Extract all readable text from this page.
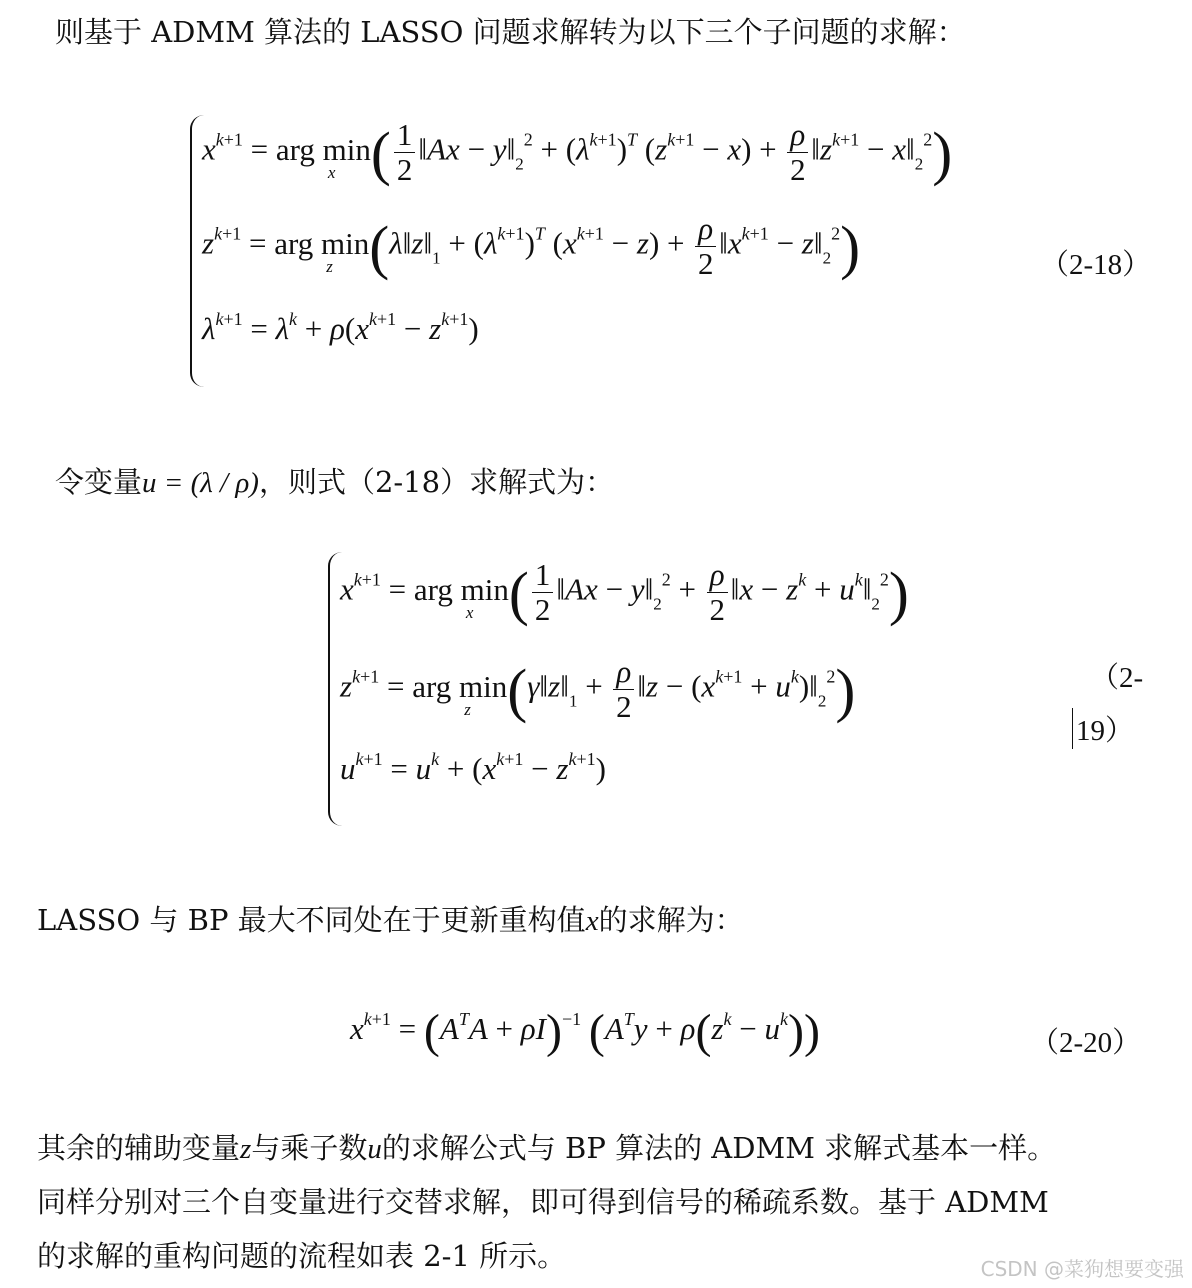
则基于 ADMM 算法的 LASSO 问题求解转为以下三个子问题的求解：
$x^{k+1}$ = arg min
x ( $\frac{1}{2}$ ‖Ax − $y‖_2^2 + (\lambda^{k+1})^T$ $(z^{k+1} - x) + \frac{\rho}{2}$ $‖z^{k+1}$ − $x‖_2^2$)
$z^{k+1}$ = arg min
z ($\lambda‖z‖_1 + (\lambda^{k+1})^T$ $(x^{k+1} - z) + \frac{\rho}{2}$ $‖x^{k+1}$ − $z‖_2^2$)
$\lambda^{k+1} = \lambda^k + \rho(x^{k+1} - z^{k+1})$
（2-18）
令变量u = (λ / ρ)，则式（2-18）求解式为：
$x^{k+1}$ = arg min
x ( $\frac{1}{2}$ ‖Ax − $y‖_2^2 + \frac{\rho}{2}$ ‖x − $z^k$ + $u^k‖_2^2$)
$z^{k+1}$ = arg min
z ($\gamma‖z‖_1 + \frac{\rho}{2}$ ‖z − ($x^{k+1}$ + $u^k)‖_2^2$)
$u^{k+1} = u^k + (x^{k+1} - z^{k+1})$
（2-
19）
LASSO 与 BP 最大不同处在于更新重构值x的求解为：
$x^{k+1} = (A^TA + \rho I)^{-1}$ $(A^Ty + \rho(z^k - u^k))$	（2-20）
其余的辅助变量z与乘子数u的求解公式与 BP 算法的 ADMM 求解式基本一样。
同样分别对三个自变量进行交替求解，即可得到信号的稀疏系数。基于 ADMM
的求解的重构问题的流程如表 2-1 所示。	CSDN @菜狗想要变强
